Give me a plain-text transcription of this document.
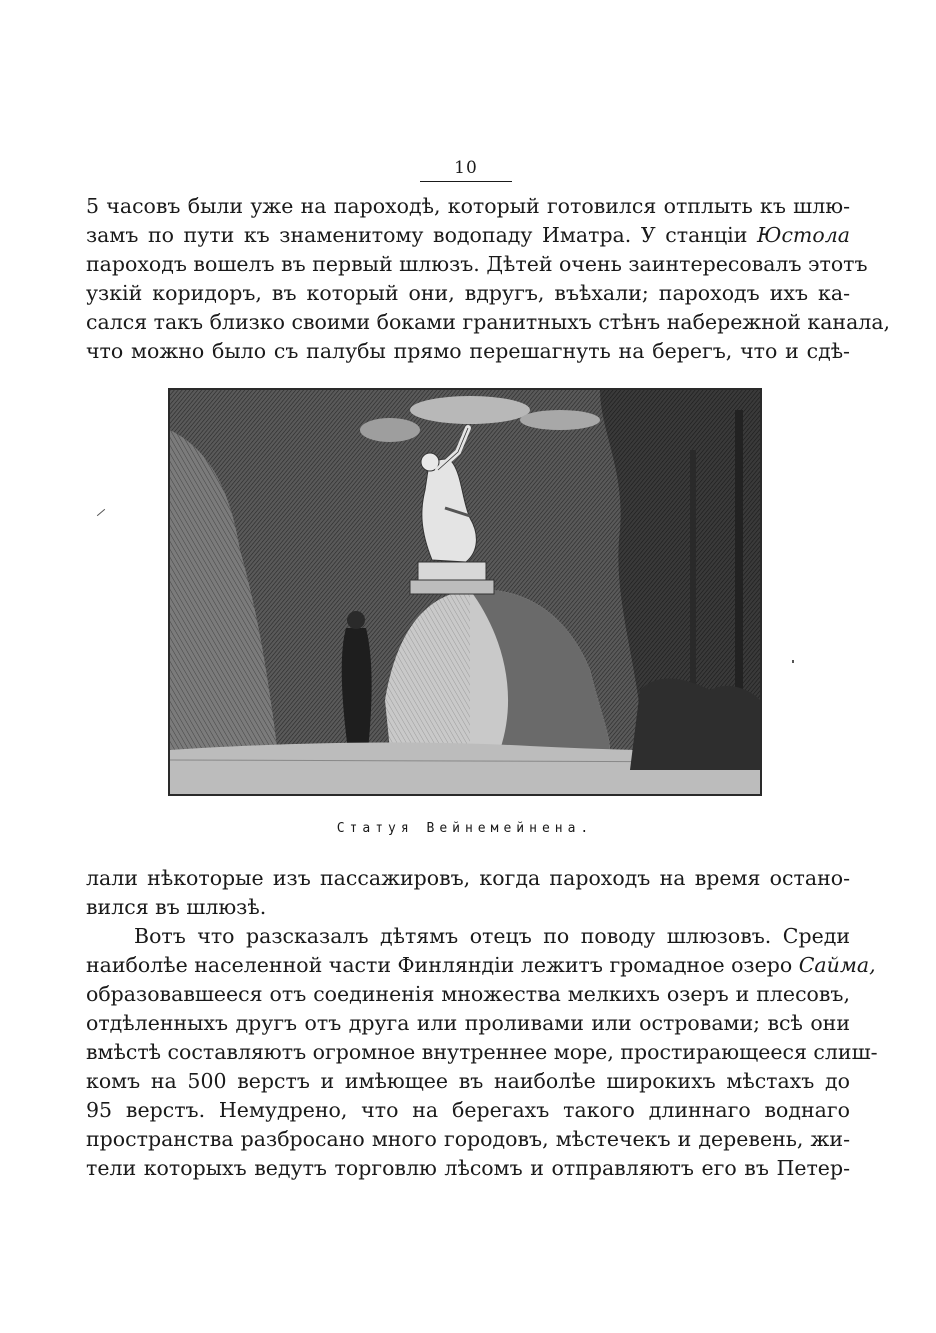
10
5 часовъ были уже на пароходѣ, который готовился отплыть къ шлю-
замъ по пути къ знаменитому водопаду Иматра. У станціи Юстола
пароходъ вошелъ въ первый шлюзъ. Дѣтей очень заинтересовалъ этотъ
узкій коридоръ, въ который они, вдругъ, въѣхали; пароходъ ихъ ка-
сался такъ близко своими боками гранитныхъ стѣнъ набережной канала,
что можно было съ палубы прямо перешагнуть на берегъ, что и сдѣ-
Статуя Вейнемейнена.
лали нѣкоторые изъ пассажировъ, когда пароходъ на время остано-
вился въ шлюзѣ.
Вотъ что разсказалъ дѣтямъ отецъ по поводу шлюзовъ. Среди
наиболѣе населенной части Финляндіи лежитъ громадное озеро Сайма,
образовавшееся отъ соединенія множества мелкихъ озеръ и плесовъ,
отдѣленныхъ другъ отъ друга или проливами или островами; всѣ они
вмѣстѣ составляютъ огромное внутреннее море, простирающееся слиш-
комъ на 500 верстъ и имѣющее въ наиболѣе широкихъ мѣстахъ до
95 верстъ. Немудрено, что на берегахъ такого длиннаго воднаго
пространства разбросано много городовъ, мѣстечекъ и деревень, жи-
тели которыхъ ведутъ торговлю лѣсомъ и отправляютъ его въ Петер-
